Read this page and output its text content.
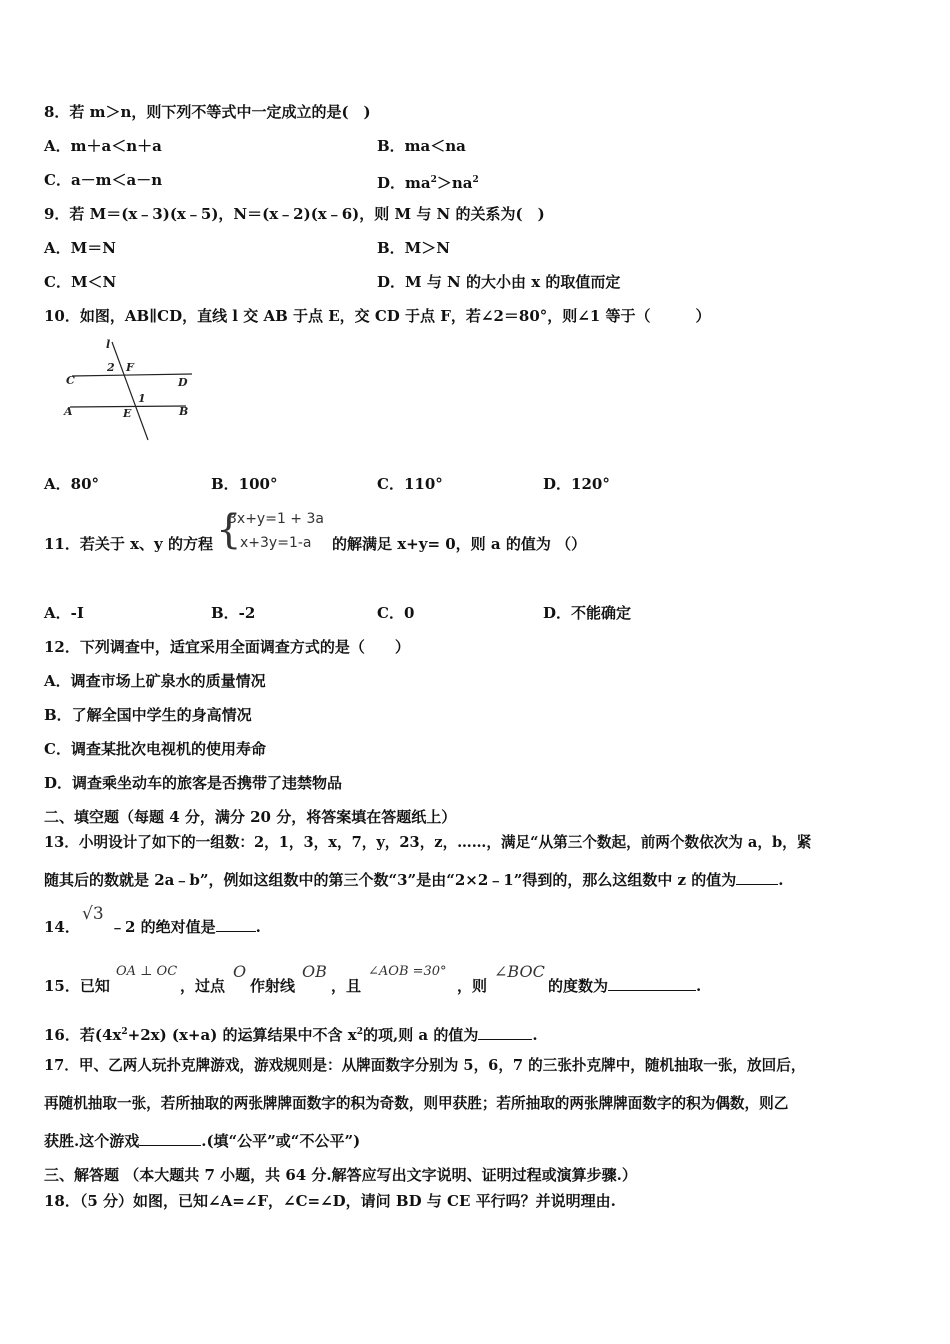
8．若 m＞n，则下列不等式中一定成立的是(　)
A．m＋a＜n＋a	B．ma＜na
C．a－m＜a－n	D．$ma^2>na^2$
9．若 M＝(x﹣3)(x﹣5)，N＝(x﹣2)(x﹣6)，则 M 与 N 的关系为(　)
A．M＝N	B．M＞N
C．M＜N	D．M 与 N 的大小由 x 的取值而定
10．如图，AB∥CD，直线 l 交 AB 于点 E，交 CD 于点 F，若∠2＝80°，则∠1 等于（　　　）
l
2 F
C	D
A	E
1
B
A．80°	B．100°	C．110°	D．120°
11．若关于 x、y 的方程 {
3x+y=1 + 3a
x+3y=1-a 的解满足 x+y= 0，则 a 的值为 （）
A．-I	B．-2	C．0	D．不能确定
12．下列调查中，适宜采用全面调查方式的是（　　）
A．调查市场上矿泉水的质量情况
B．了解全国中学生的身高情况
C．调查某批次电视机的使用寿命
D．调查乘坐动车的旅客是否携带了违禁物品
二、填空题（每题 4 分，满分 20 分，将答案填在答题纸上）
13．小明设计了如下的一组数：2，1，3，x，7，y，23，z，……，满足“从第三个数起，前两个数依次为 a，b，紧
随其后的数就是 2a﹣b”，例如这组数中的第三个数“3”是由“2×2﹣1”得到的，那么这组数中 z 的值为	.
14．
√3
﹣2 的绝对值是	.
15．已知
OA ⊥ OC
，过点
O
作射线
OB
，且
∠AOB =30°
，则
∠BOC
的度数为	.
16．若$(4x^2+2x)$ (x+a) 的运算结果中不含 $x^2$的项,则 a 的值为	.
17．甲、乙两人玩扑克牌游戏，游戏规则是：从牌面数字分别为 5，6，7 的三张扑克牌中，随机抽取一张，放回后，
再随机抽取一张，若所抽取的两张牌牌面数字的积为奇数，则甲获胜；若所抽取的两张牌牌面数字的积为偶数，则乙
获胜.这个游戏	.(填“公平”或“不公平”)
三、解答题 （本大题共 7 小题，共 64 分.解答应写出文字说明、证明过程或演算步骤.）
18．（5 分）如图，已知∠A=∠F，∠C=∠D，请问 BD 与 CE 平行吗？并说明理由.
